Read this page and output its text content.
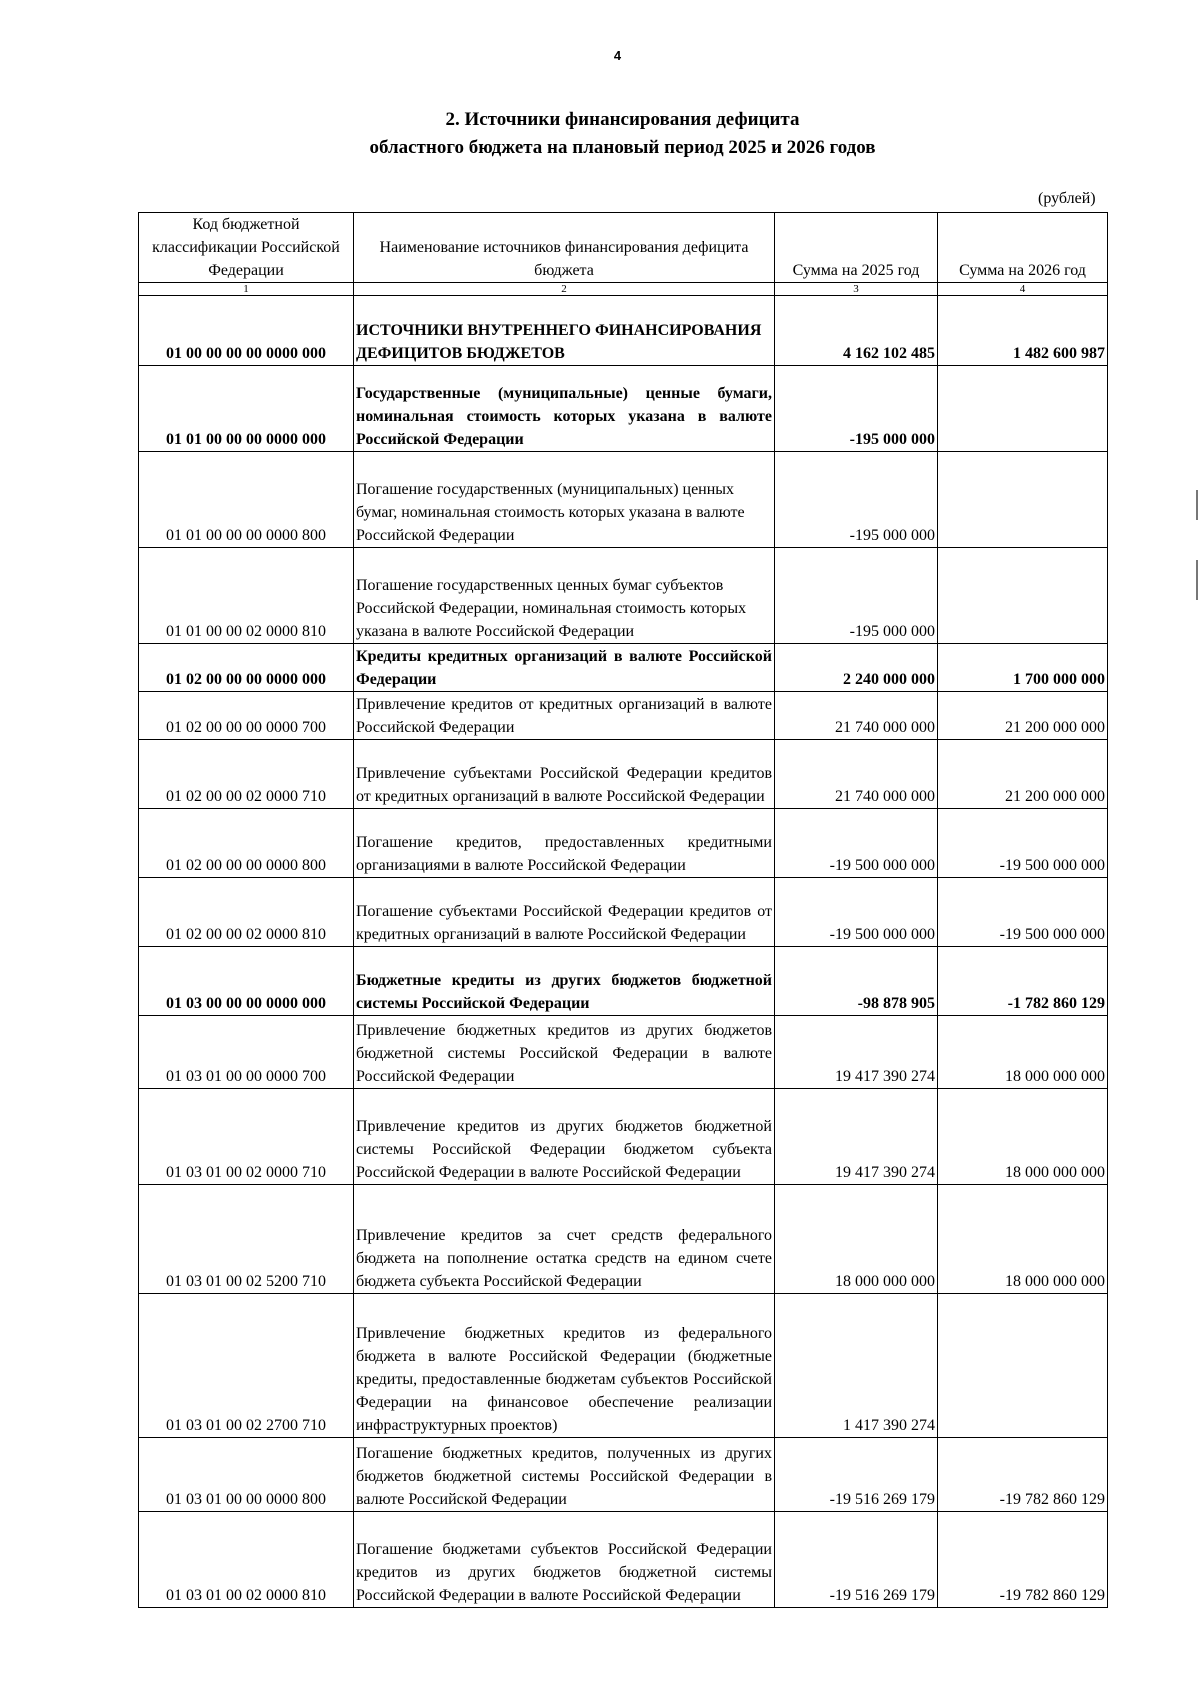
4
2. Источники финансирования дефицита
областного бюджета на плановый период 2025 и 2026 годов
(рублей)
Код бюджетной классификации Российской Федерации	Наименование источников финансирования дефицита бюджета	Сумма на 2025 год	Сумма на 2026 год
1	2	3	4
01 00 00 00 00 0000 000	ИСТОЧНИКИ ВНУТРЕННЕГО ФИНАНСИРОВАНИЯ ДЕФИЦИТОВ БЮДЖЕТОВ	4 162 102 485	1 482 600 987
01 01 00 00 00 0000 000	Государственные (муниципальные) ценные бумаги, номинальная стоимость которых указана в валюте Российской Федерации	-195 000 000	
01 01 00 00 00 0000 800	Погашение государственных (муниципальных) ценных бумаг, номинальная стоимость которых указана в валюте Российской Федерации	-195 000 000	
01 01 00 00 02 0000 810	Погашение государственных ценных бумаг субъектов Российской Федерации, номинальная стоимость которых указана в валюте Российской Федерации	-195 000 000	
01 02 00 00 00 0000 000	Кредиты кредитных организаций в валюте Российской Федерации	2 240 000 000	1 700 000 000
01 02 00 00 00 0000 700	Привлечение кредитов от кредитных организаций в валюте Российской Федерации	21 740 000 000	21 200 000 000
01 02 00 00 02 0000 710	Привлечение субъектами Российской Федерации кредитов от кредитных организаций в валюте Российской Федерации	21 740 000 000	21 200 000 000
01 02 00 00 00 0000 800	Погашение кредитов, предоставленных кредитными организациями в валюте Российской Федерации	-19 500 000 000	-19 500 000 000
01 02 00 00 02 0000 810	Погашение субъектами Российской Федерации кредитов от кредитных организаций в валюте Российской Федерации	-19 500 000 000	-19 500 000 000
01 03 00 00 00 0000 000	Бюджетные кредиты из других бюджетов бюджетной системы Российской Федерации	-98 878 905	-1 782 860 129
01 03 01 00 00 0000 700	Привлечение бюджетных кредитов из других бюджетов бюджетной системы Российской Федерации в валюте Российской Федерации	19 417 390 274	18 000 000 000
01 03 01 00 02 0000 710	Привлечение кредитов из других бюджетов бюджетной системы Российской Федерации бюджетом субъекта Российской Федерации в валюте Российской Федерации	19 417 390 274	18 000 000 000
01 03 01 00 02 5200 710	Привлечение кредитов за счет средств федерального бюджета на пополнение остатка средств на едином счете бюджета субъекта Российской Федерации	18 000 000 000	18 000 000 000
01 03 01 00 02 2700 710	Привлечение бюджетных кредитов из федерального бюджета в валюте Российской Федерации (бюджетные кредиты, предоставленные бюджетам субъектов Российской Федерации на финансовое обеспечение реализации инфраструктурных проектов)	1 417 390 274	
01 03 01 00 00 0000 800	Погашение бюджетных кредитов, полученных из других бюджетов бюджетной системы Российской Федерации в валюте Российской Федерации	-19 516 269 179	-19 782 860 129
01 03 01 00 02 0000 810	Погашение бюджетами субъектов Российской Федерации кредитов из других бюджетов бюджетной системы Российской Федерации в валюте Российской Федерации	-19 516 269 179	-19 782 860 129
